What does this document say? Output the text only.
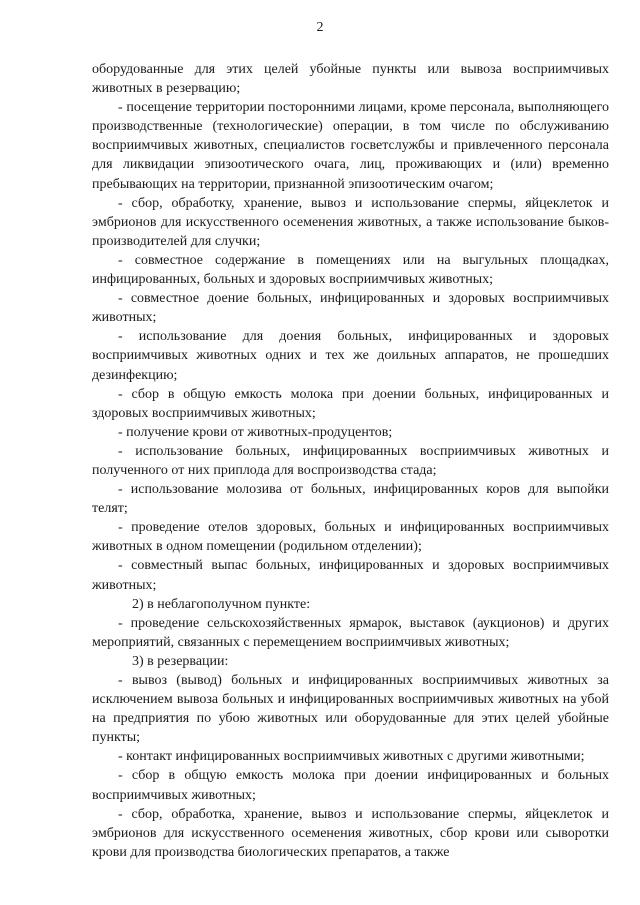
2

оборудованные для этих целей убойные пункты или вывоза восприимчивых животных в резервацию;

- посещение территории посторонними лицами, кроме персонала, выполняющего производственные (технологические) операции, в том числе по обслуживанию восприимчивых животных, специалистов госветслужбы и привлеченного персонала для ликвидации эпизоотического очага, лиц, проживающих и (или) временно пребывающих на территории, признанной эпизоотическим очагом;

- сбор, обработку, хранение, вывоз и использование спермы, яйцеклеток и эмбрионов для искусственного осеменения животных, а также использование быков-производителей для случки;

- совместное содержание в помещениях или на выгульных площадках, инфицированных, больных и здоровых восприимчивых животных;

- совместное доение больных, инфицированных и здоровых восприимчивых животных;

- использование для доения больных, инфицированных и здоровых восприимчивых животных одних и тех же доильных аппаратов, не прошедших дезинфекцию;

- сбор в общую емкость молока при доении больных, инфицированных и здоровых восприимчивых животных;

- получение крови от животных-продуцентов;

- использование больных, инфицированных восприимчивых животных и полученного от них приплода для воспроизводства стада;

- использование молозива от больных, инфицированных коров для выпойки телят;

- проведение отелов здоровых, больных и инфицированных восприимчивых животных в одном помещении (родильном отделении);

- совместный выпас больных, инфицированных и здоровых восприимчивых животных;

2) в неблагополучном пункте:

- проведение сельскохозяйственных ярмарок, выставок (аукционов) и других мероприятий, связанных с перемещением восприимчивых животных;

3) в резервации:

- вывоз (вывод) больных и инфицированных восприимчивых животных за исключением вывоза больных и инфицированных восприимчивых животных на убой на предприятия по убою животных или оборудованные для этих целей убойные пункты;

- контакт инфицированных восприимчивых животных с другими животными;

- сбор в общую емкость молока при доении инфицированных и больных восприимчивых животных;

- сбор, обработка, хранение, вывоз и использование спермы, яйцеклеток и эмбрионов для искусственного осеменения животных, сбор крови или сыворотки крови для производства биологических препаратов, а также
